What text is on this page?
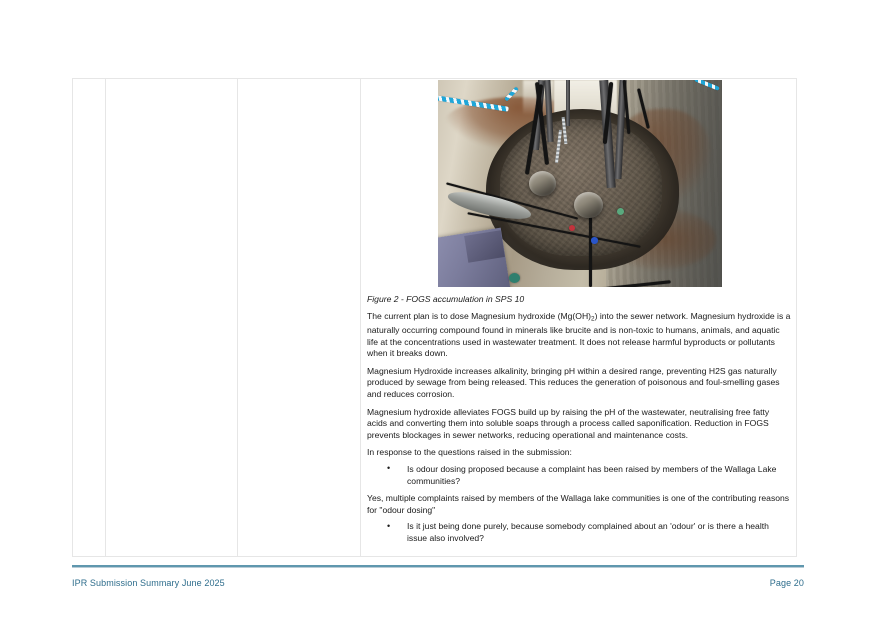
Figure 2 - FOGS accumulation in SPS 10

The current plan is to dose Magnesium hydroxide $(Mg(OH)_2)$ into the sewer network. Magnesium hydroxide is a naturally occurring compound found in minerals like brucite and is non-toxic to humans, animals, and aquatic life at the concentrations used in wastewater treatment. It does not release harmful byproducts or pollutants when it breaks down.

Magnesium Hydroxide increases alkalinity, bringing pH within a desired range, preventing H2S gas naturally produced by sewage from being released. This reduces the generation of poisonous and foul-smelling gases and reduces corrosion.

Magnesium hydroxide alleviates FOGS build up by raising the pH of the wastewater, neutralising free fatty acids and converting them into soluble soaps through a process called saponification. Reduction in FOGS prevents blockages in sewer networks, reducing operational and maintenance costs.

In response to the questions raised in the submission:

• Is odour dosing proposed because a complaint has been raised by members of the Wallaga Lake communities?

Yes, multiple complaints raised by members of the Wallaga lake communities is one of the contributing reasons for "odour dosing"

• Is it just being done purely, because somebody complained about an 'odour' or is there a health issue also involved?
IPR Submission Summary June 2025	Page 20
